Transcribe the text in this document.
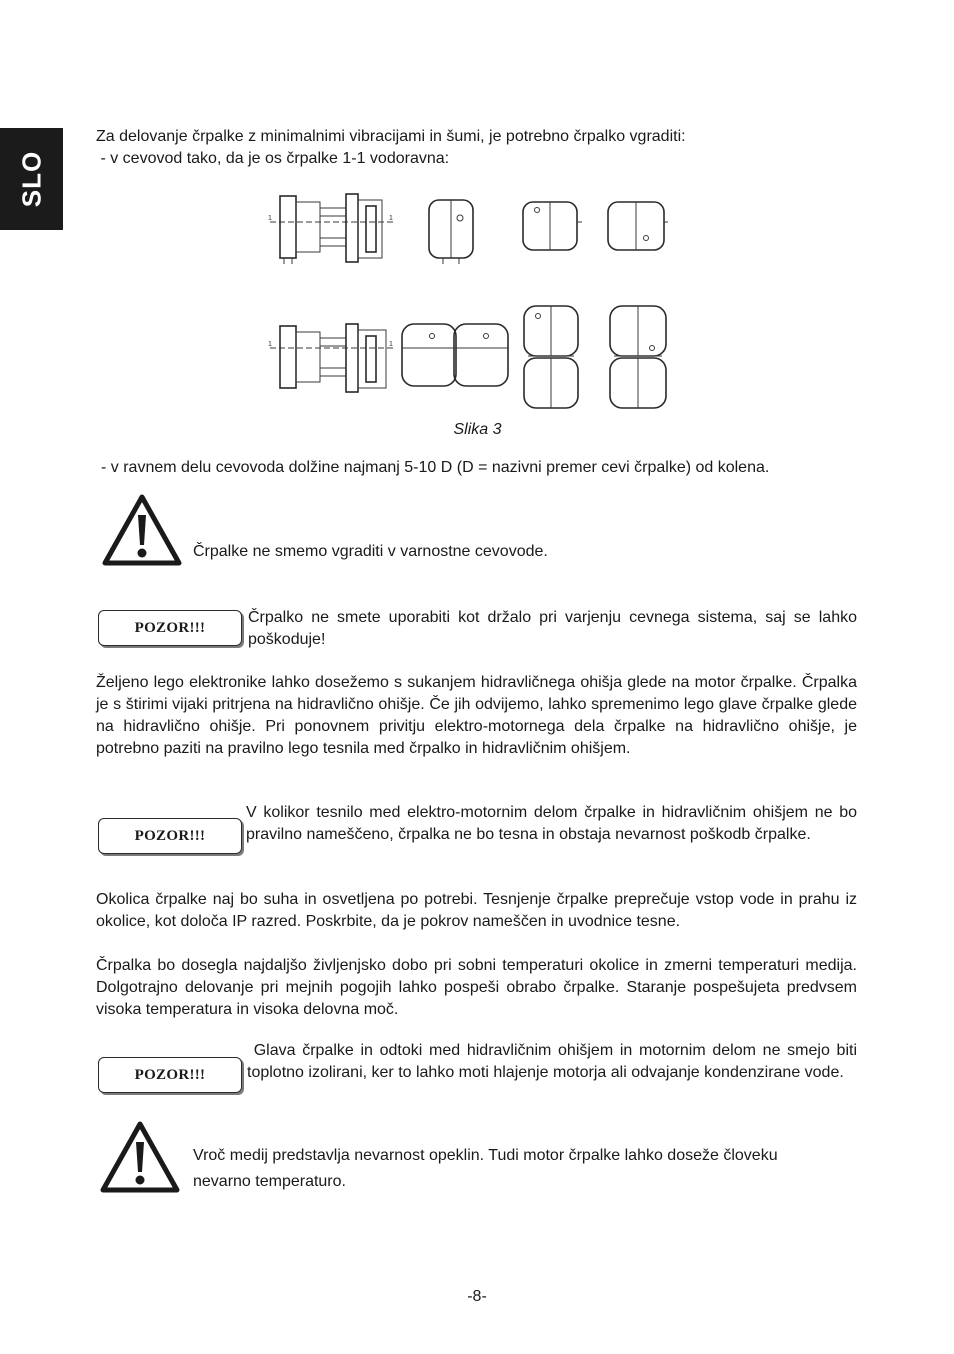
SLO
Za delovanje črpalke z minimalnimi vibracijami in šumi, je potrebno črpalko vgraditi:
- v cevovod tako, da je os črpalke 1-1 vodoravna:
1	1
1	1
Slika 3
- v ravnem delu cevovoda dolžine najmanj 5-10 D (D = nazivni premer cevi črpalke) od kolena.
Črpalke ne smemo vgraditi v varnostne cevovode.
POZOR!!!
Črpalko ne smete uporabiti kot držalo pri varjenju cevnega sistema, saj se lahko poškoduje!
Željeno lego elektronike lahko dosežemo s sukanjem hidravličnega ohišja glede na motor črpalke. Črpalka je s štirimi vijaki pritrjena na hidravlično ohišje. Če jih odvijemo, lahko spremenimo lego glave črpalke glede na hidravlično ohišje. Pri ponovnem privitju elektro-motornega dela črpalke na hidravlično ohišje, je potrebno paziti na pravilno lego tesnila med črpalko in hidravličnim ohišjem.
POZOR!!!
V kolikor tesnilo med elektro-motornim delom črpalke in hidravličnim ohišjem ne bo pravilno nameščeno, črpalka ne bo tesna in obstaja nevarnost poškodb črpalke.
Okolica črpalke naj bo suha in osvetljena po potrebi. Tesnjenje črpalke preprečuje vstop vode in prahu iz okolice, kot določa IP razred. Poskrbite, da je pokrov nameščen in uvodnice tesne.
Črpalka bo dosegla najdaljšo življenjsko dobo pri sobni temperaturi okolice in zmerni temperaturi medija. Dolgotrajno delovanje pri mejnih pogojih lahko pospeši obrabo črpalke. Staranje pospešujeta predvsem visoka temperatura in visoka delovna moč.
POZOR!!!
Glava črpalke in odtoki med hidravličnim ohišjem in motornim delom ne smejo biti toplotno izolirani, ker to lahko moti hlajenje motorja ali odvajanje kondenzirane vode.
Vroč medij predstavlja nevarnost opeklin. Tudi motor črpalke lahko doseže človeku
nevarno temperaturo.
-8-
